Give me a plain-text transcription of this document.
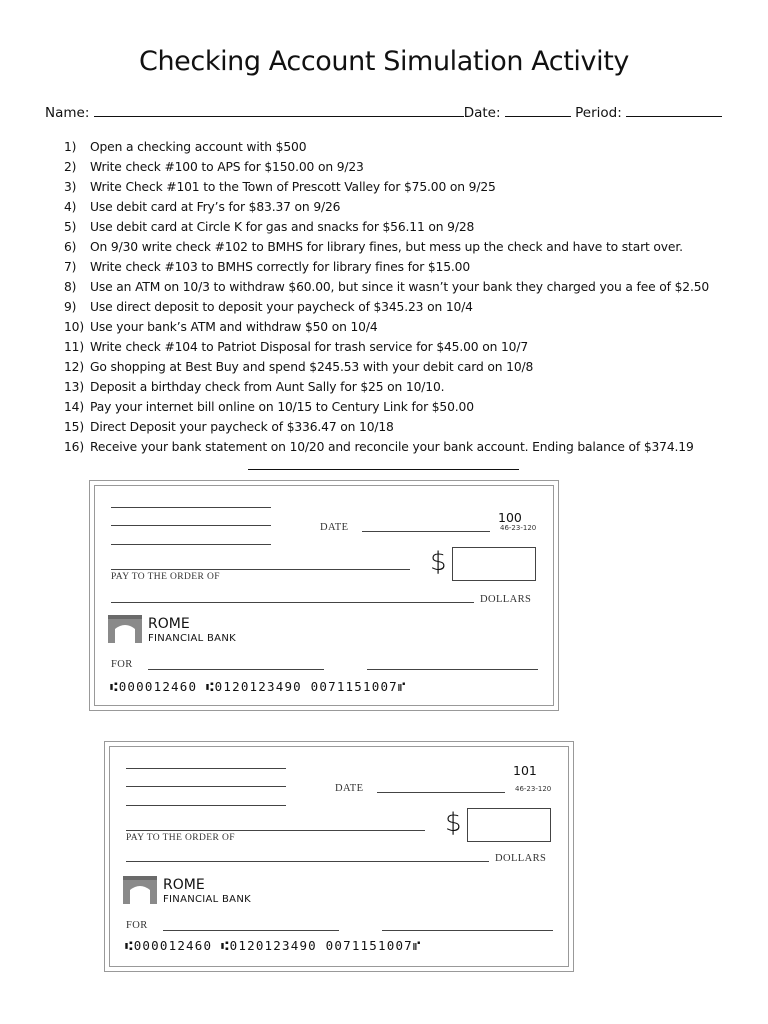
Checking Account Simulation Activity
Name:	Date:	Period:
1) Open a checking account with $500
2) Write check #100 to APS for $150.00 on 9/23
3) Write Check #101 to the Town of Prescott Valley for $75.00 on 9/25
4) Use debit card at Fry’s for $83.37 on 9/26
5) Use debit card at Circle K for gas and snacks for $56.11 on 9/28
6) On 9/30 write check #102 to BMHS for library fines, but mess up the check and have to start over.
7) Write check #103 to BMHS correctly for library fines for $15.00
8) Use an ATM on 10/3 to withdraw $60.00, but since it wasn’t your bank they charged you a fee of $2.50
9) Use direct deposit to deposit your paycheck of $345.23 on 10/4
10) Use your bank’s ATM and withdraw $50 on 10/4
11) Write check #104 to Patriot Disposal for trash service for $45.00 on 10/7
12) Go shopping at Best Buy and spend $245.53 with your debit card on 10/8
13) Deposit a birthday check from Aunt Sally for $25 on 10/10.
14) Pay your internet bill online on 10/15 to Century Link for $50.00
15) Direct Deposit your paycheck of $336.47 on 10/18
16) Receive your bank statement on 10/20 and reconcile your bank account. Ending balance of $374.19
100
DATE	46-23-120
$
PAY TO THE ORDER OF
DOLLARS
ROME
FINANCIAL BANK
FOR
⑆000012460 ⑆0120123490 0071151007⑈
101
DATE	46-23-120
$
PAY TO THE ORDER OF
DOLLARS
ROME
FINANCIAL BANK
FOR
⑆000012460 ⑆0120123490 0071151007⑈
